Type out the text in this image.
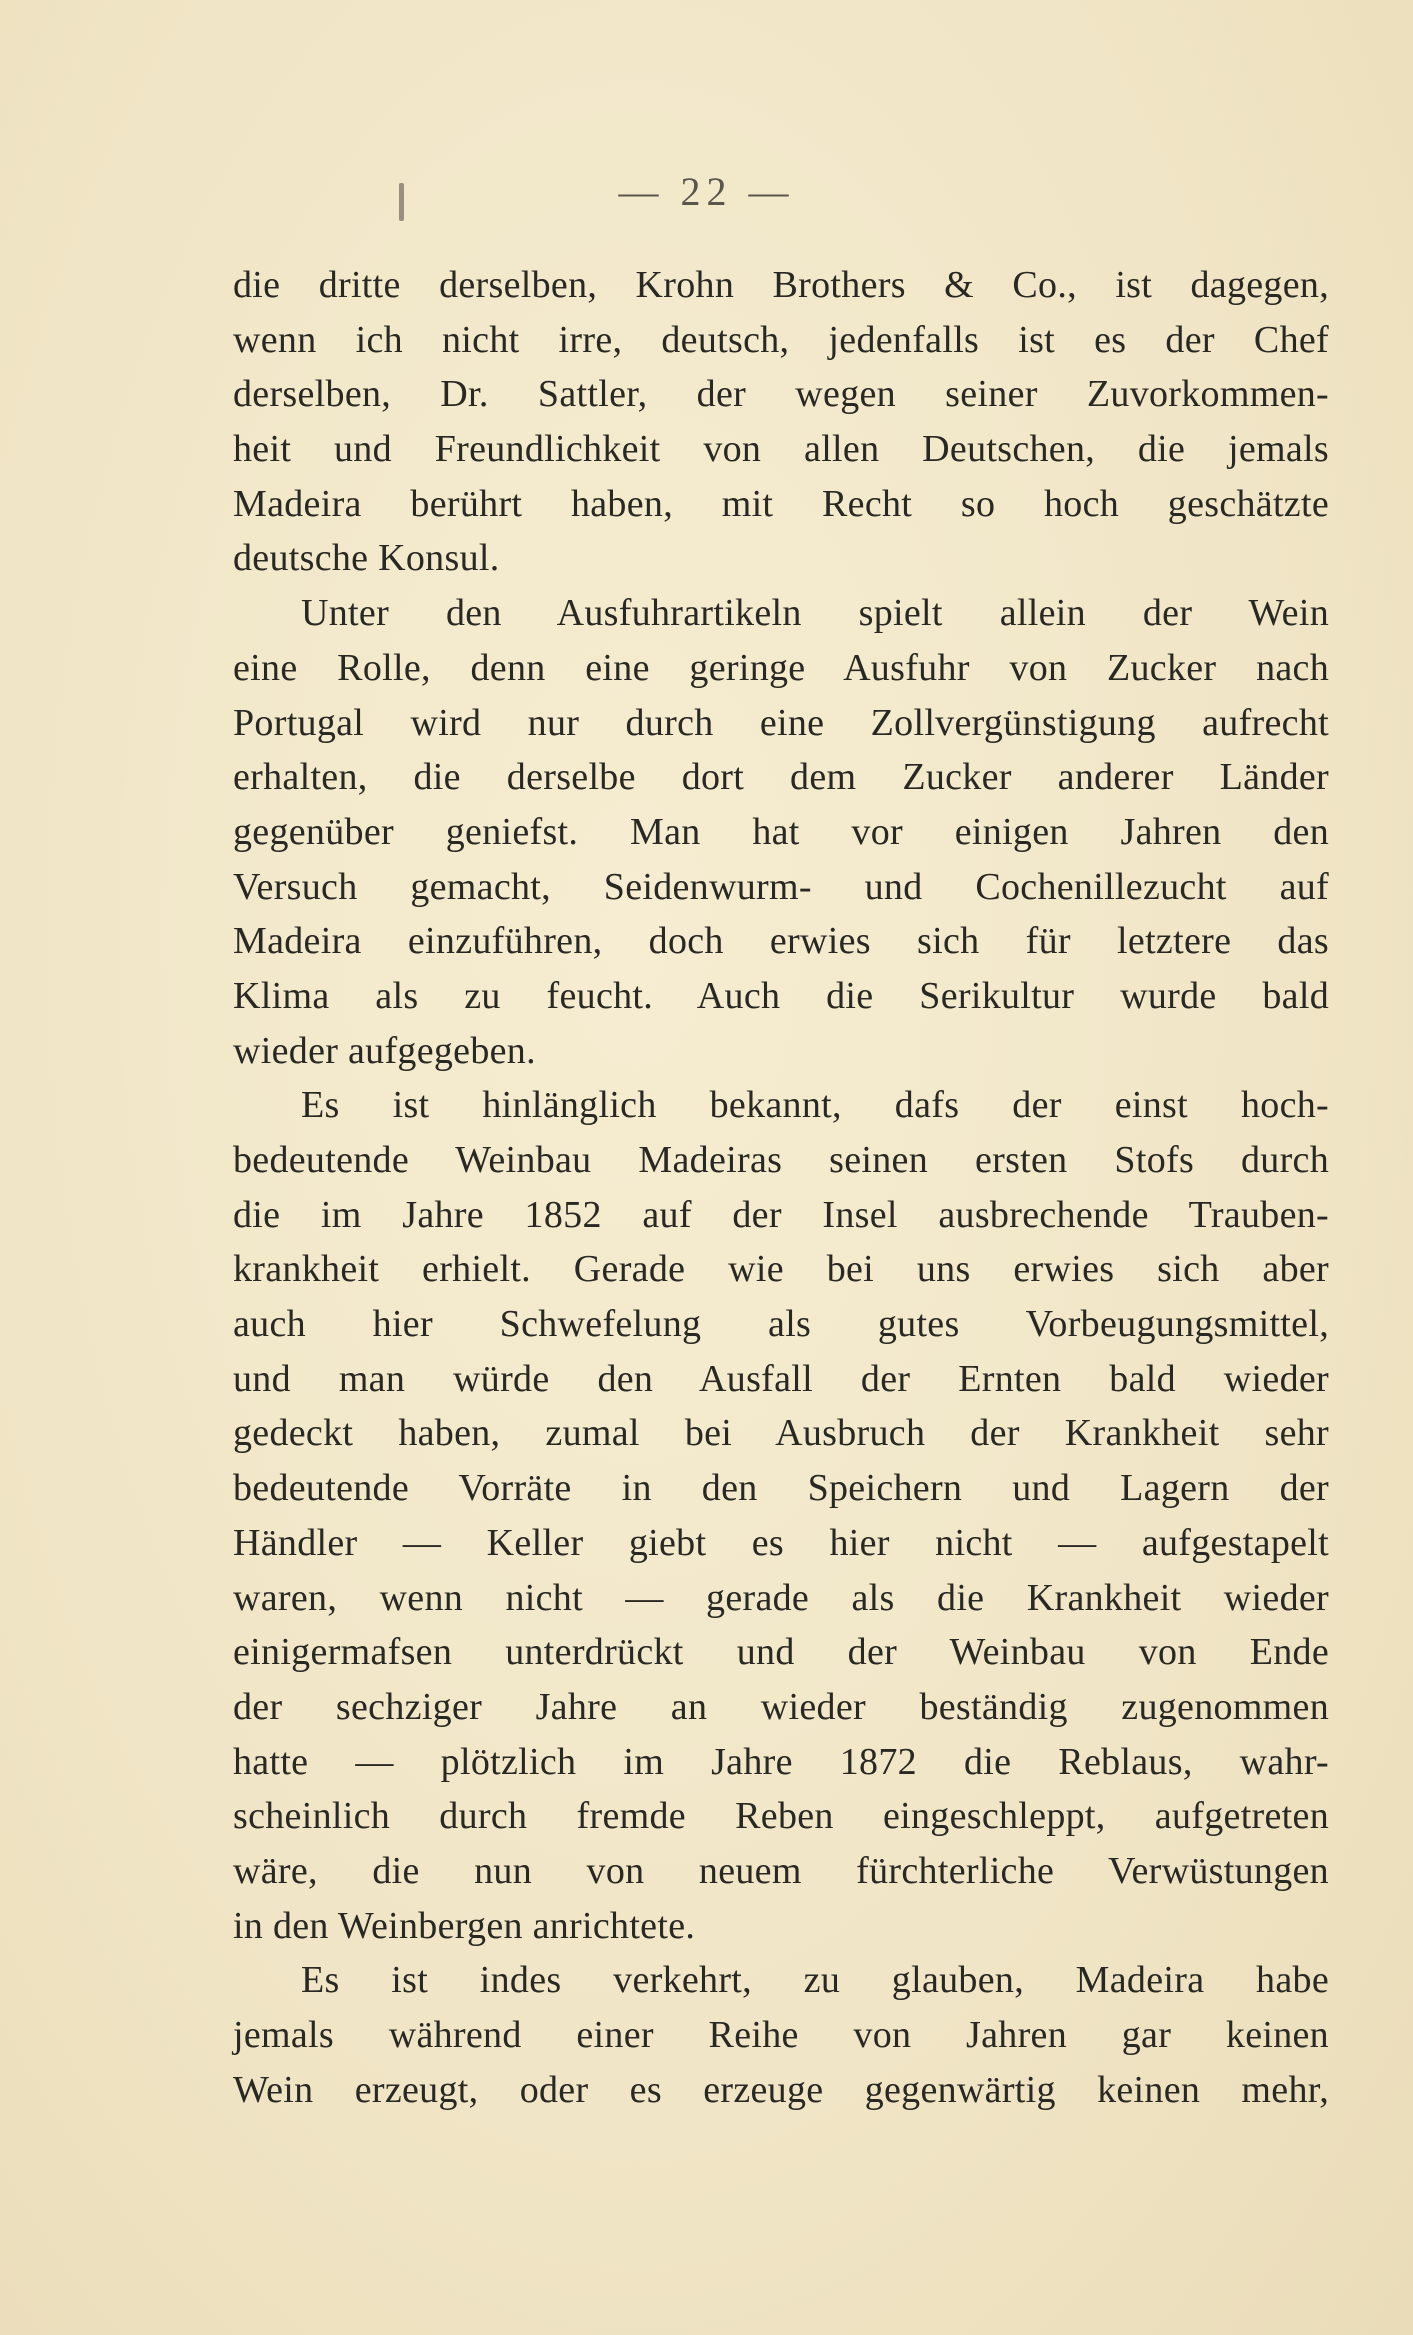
— 22 —
die dritte derselben, Krohn Brothers & Co., ist dagegen,
wenn ich nicht irre, deutsch, jedenfalls ist es der Chef
derselben, Dr. Sattler, der wegen seiner Zuvorkommen-
heit und Freundlichkeit von allen Deutschen, die jemals
Madeira berührt haben, mit Recht so hoch geschätzte
deutsche Konsul.
Unter den Ausfuhrartikeln spielt allein der Wein
eine Rolle, denn eine geringe Ausfuhr von Zucker nach
Portugal wird nur durch eine Zollvergünstigung aufrecht
erhalten, die derselbe dort dem Zucker anderer Länder
gegenüber geniefst. Man hat vor einigen Jahren den
Versuch gemacht, Seidenwurm- und Cochenillezucht auf
Madeira einzuführen, doch erwies sich für letztere das
Klima als zu feucht. Auch die Serikultur wurde bald
wieder aufgegeben.
Es ist hinlänglich bekannt, dafs der einst hoch-
bedeutende Weinbau Madeiras seinen ersten Stofs durch
die im Jahre 1852 auf der Insel ausbrechende Trauben-
krankheit erhielt. Gerade wie bei uns erwies sich aber
auch hier Schwefelung als gutes Vorbeugungsmittel,
und man würde den Ausfall der Ernten bald wieder
gedeckt haben, zumal bei Ausbruch der Krankheit sehr
bedeutende Vorräte in den Speichern und Lagern der
Händler — Keller giebt es hier nicht — aufgestapelt
waren, wenn nicht — gerade als die Krankheit wieder
einigermafsen unterdrückt und der Weinbau von Ende
der sechziger Jahre an wieder beständig zugenommen
hatte — plötzlich im Jahre 1872 die Reblaus, wahr-
scheinlich durch fremde Reben eingeschleppt, aufgetreten
wäre, die nun von neuem fürchterliche Verwüstungen
in den Weinbergen anrichtete.
Es ist indes verkehrt, zu glauben, Madeira habe
jemals während einer Reihe von Jahren gar keinen
Wein erzeugt, oder es erzeuge gegenwärtig keinen mehr,
